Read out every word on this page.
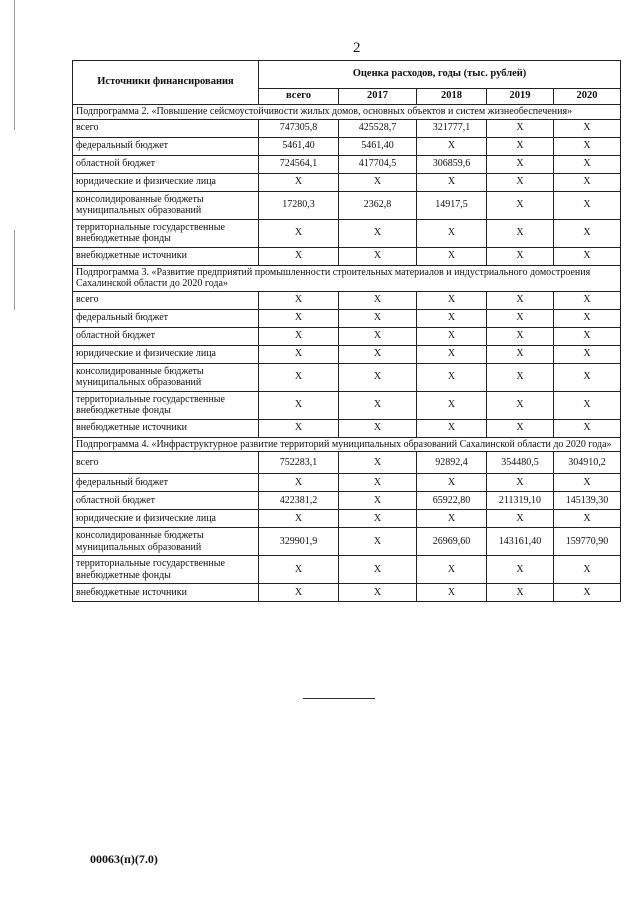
2
Источники финансирования	Оценка расходов, годы (тыс. рублей)				
	всего	2017	2018	2019	2020
Подпрограмма 2. «Повышение сейсмоустойчивости жилых домов, основных объектов и систем жизнеобеспечения»					
всего	747305,8	425528,7	321777,1	Х	Х
федеральный бюджет	5461,40	5461,40	Х	Х	Х
областной бюджет	724564,1	417704,5	306859,6	Х	Х
юридические и физические лица	Х	Х	Х	Х	Х
консолидированные бюджеты муниципальных образований	17280,3	2362,8	14917,5	Х	Х
территориальные государственные внебюджетные фонды	Х	Х	Х	Х	Х
внебюджетные источники	Х	Х	Х	Х	Х
Подпрограмма 3. «Развитие предприятий промышленности строительных материалов и индустриального домостроения Сахалинской области до 2020 года»					
всего	Х	Х	Х	Х	Х
федеральный бюджет	Х	Х	Х	Х	Х
областной бюджет	Х	Х	Х	Х	Х
юридические и физические лица	Х	Х	Х	Х	Х
консолидированные бюджеты муниципальных образований	Х	Х	Х	Х	Х
территориальные государственные внебюджетные фонды	Х	Х	Х	Х	Х
внебюджетные источники	Х	Х	Х	Х	Х
Подпрограмма 4. «Инфраструктурное развитие территорий муниципальных образований Сахалинской области до 2020 года»					
всего	752283,1	Х	92892,4	354480,5	304910,2
федеральный бюджет	Х	Х	Х	Х	Х
областной бюджет	422381,2	Х	65922,80	211319,10	145139,30
юридические и физические лица	Х	Х	Х	Х	Х
консолидированные бюджеты муниципальных образований	329901,9	Х	26969,60	143161,40	159770,90
территориальные государственные внебюджетные фонды	Х	Х	Х	Х	Х
внебюджетные источники	Х	Х	Х	Х	Х
00063(п)(7.0)
